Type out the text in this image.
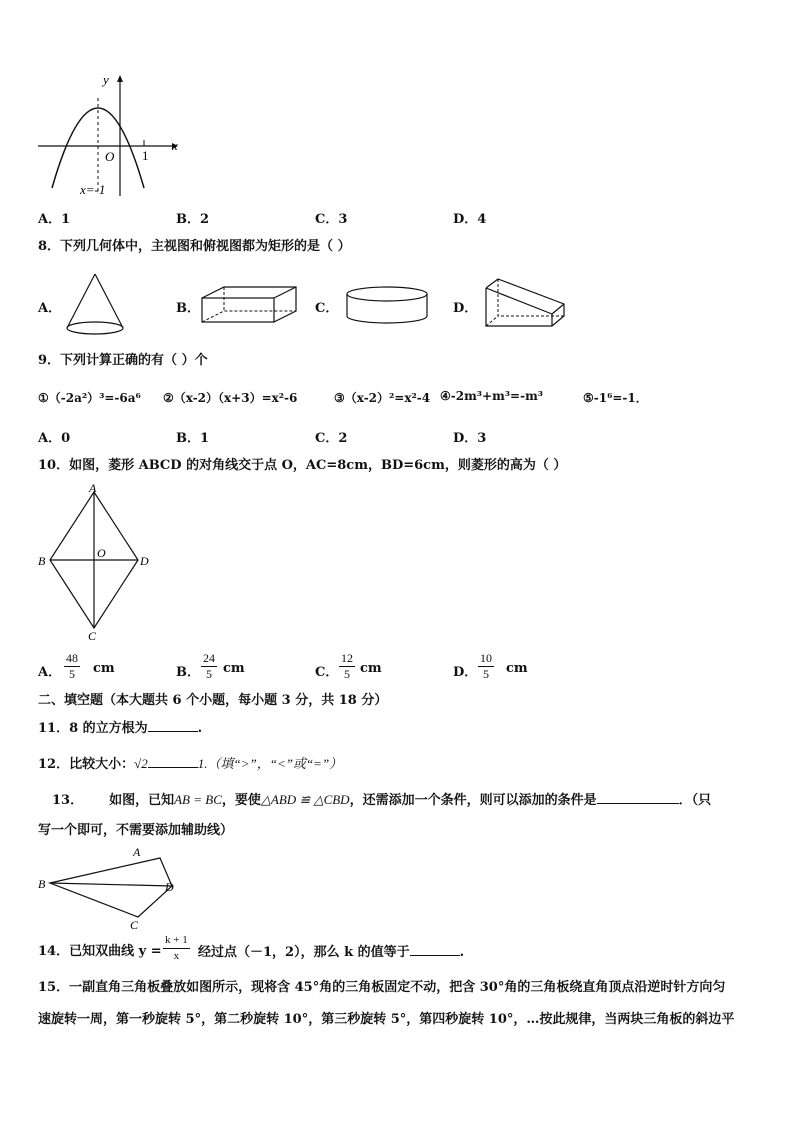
y
x
O 1
x=-1
A．1	B．2	C．3	D．4
8．下列几何体中，主视图和俯视图都为矩形的是（ ）
A．	B．	C．	D．
9．下列计算正确的有（ ）个
①（-2a²）³=-6a⁶ ②（x-2）（x+3）=x²-6	③（x-2）²=x²-4 ④-2m³+m³=-m³	⑤-1⁶=-1．
A．0	B．1	C．2	D．3
10．如图，菱形 ABCD 的对角线交于点 O，AC=8cm，BD=6cm，则菱形的高为（ ）
A
B
C
D
O
A． $\frac{48}{5}$ cm	B． $\frac{24}{5}$ cm	C． $\frac{12}{5}$ cm	D． $\frac{10}{5}$ cm
二、填空题（本大题共 6 个小题，每小题 3 分，共 18 分）
11．8 的立方根为	.
12．比较大小：√2	1.（填“>”，“<”或“=”）
13． 如图，已知AB = BC，要使△ABD ≌ △CBD，还需添加一个条件，则可以添加的条件是	．（只
写一个即可，不需要添加辅助线）
A
B
C
D
14．已知双曲线 $y = \frac{k + 1}{x}$ 经过点（－1，2），那么 k 的值等于	.
15．一副直角三角板叠放如图所示，现将含 45°角的三角板固定不动，把含 30°角的三角板绕直角顶点沿逆时针方向匀
速旋转一周，第一秒旋转 5°，第二秒旋转 10°，第三秒旋转 5°，第四秒旋转 10°，…按此规律，当两块三角板的斜边平
